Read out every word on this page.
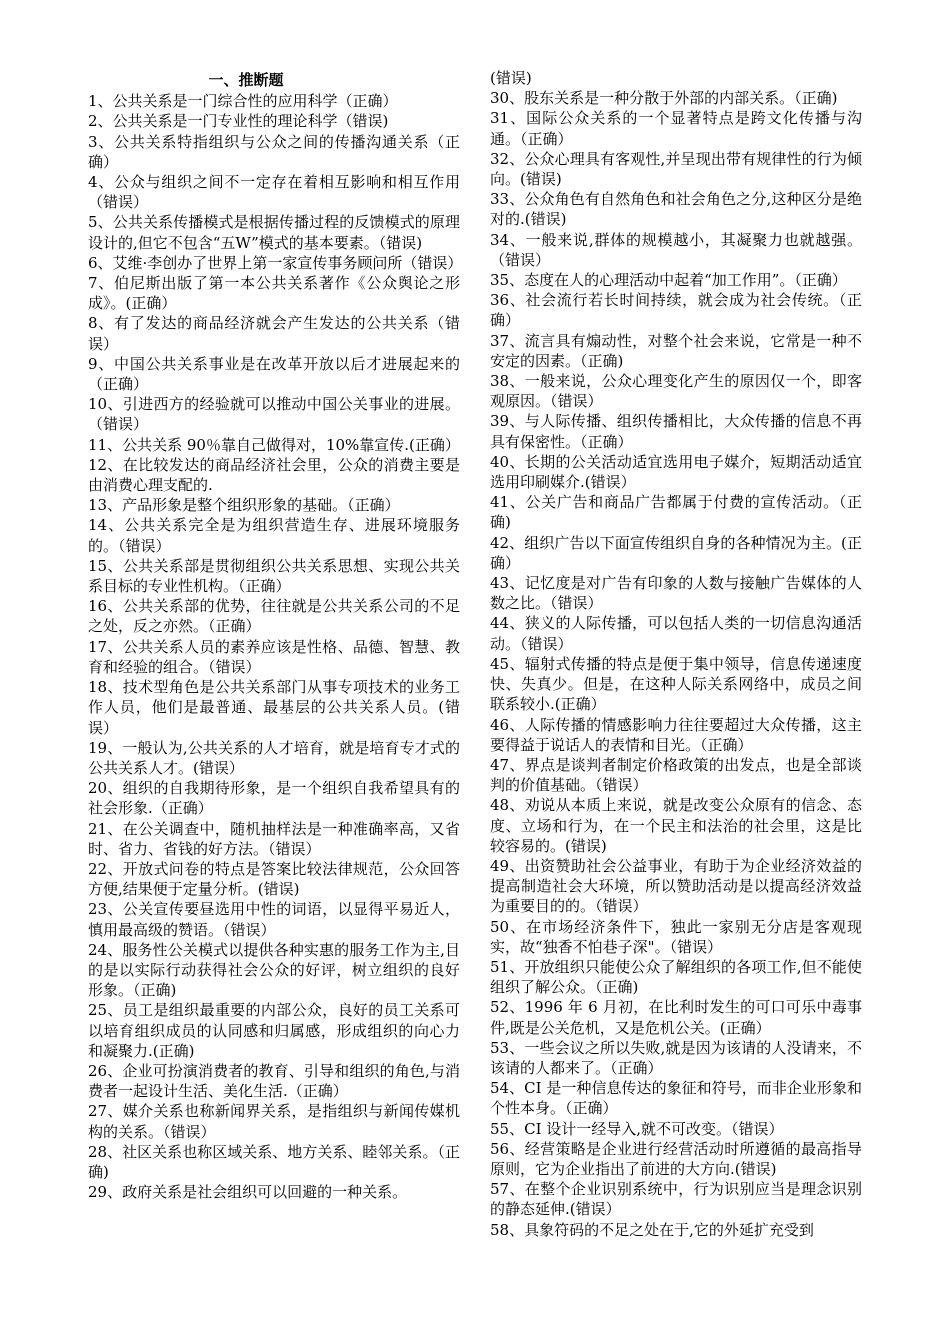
一、推断题

1、公共关系是一门综合性的应用科学（正确）

2、公共关系是一门专业性的理论科学（错误)

3、公共关系特指组织与公众之间的传播沟通关系（正确）

4、公众与组织之间不一定存在着相互影响和相互作用（错误）

5、公共关系传播模式是根据传播过程的反馈模式的原理设计的,但它不包含“五W”模式的基本要素。（错误)

6、艾维·李创办了世界上第一家宣传事务顾问所（错误）

7、伯尼斯出版了第一本公共关系著作《公众舆论之形成》。(正确）

8、有了发达的商品经济就会产生发达的公共关系（错误）

9、中国公共关系事业是在改革开放以后才进展起来的（正确）

10、引进西方的经验就可以推动中国公关事业的进展。（错误）

11、公共关系 90％靠自己做得对，10%靠宣传.(正确）

12、在比较发达的商品经济社会里，公众的消费主要是由消费心理支配的.

13、产品形象是整个组织形象的基础。（正确）

14、公共关系完全是为组织营造生存、进展环境服务的。（错误）

15、公共关系部是贯彻组织公共关系思想、实现公共关系目标的专业性机构。（正确）

16、公共关系部的优势，往往就是公共关系公司的不足之处，反之亦然。（正确）

17、公共关系人员的素养应该是性格、品德、智慧、教育和经验的组合。（错误）

18、技术型角色是公共关系部门从事专项技术的业务工作人员，他们是最普通、最基层的公共关系人员。(错误）

19、一般认为,公共关系的人才培育，就是培育专才式的公共关系人才。(错误）

20、组织的自我期待形象，是一个组织自我希望具有的社会形象.（正确）

21、在公关调查中，随机抽样法是一种准确率高，又省时、省力、省钱的好方法。（错误）

22、开放式问卷的特点是答案比较法律规范，公众回答方便,结果便于定量分析。(错误)

23、公关宣传要昼选用中性的词语，以显得平易近人，慎用最高级的赞语。（错误）

24、服务性公关模式以提供各种实惠的服务工作为主,目的是以实际行动获得社会公众的好评，树立组织的良好形象。（正确)

25、员工是组织最重要的内部公众，良好的员工关系可以培育组织成员的认同感和归属感，形成组织的向心力和凝聚力.(正确)

26、企业可扮演消费者的教育、引导和组织的角色,与消费者一起设计生活、美化生活.（正确）

27、媒介关系也称新闻界关系，是指组织与新闻传媒机构的关系。（错误）

28、社区关系也称区域关系、地方关系、睦邻关系。（正确)

29、政府关系是社会组织可以回避的一种关系。

(错误)

30、股东关系是一种分散于外部的内部关系。（正确)

31、国际公众关系的一个显著特点是跨文化传播与沟通。（正确）

32、公众心理具有客观性,并呈现出带有规律性的行为倾向。(错误)

33、公众角色有自然角色和社会角色之分,这种区分是绝对的.(错误)

34、一般来说,群体的规模越小，其凝聚力也就越强。（错误）

35、态度在人的心理活动中起着“加工作用”。（正确）

36、社会流行若长时间持续，就会成为社会传统。（正确）

37、流言具有煽动性，对整个社会来说，它常是一种不安定的因素。（正确)

38、一般来说，公众心理变化产生的原因仅一个，即客观原因。（错误）

39、与人际传播、组织传播相比，大众传播的信息不再具有保密性。（正确）

40、长期的公关活动适宜选用电子媒介，短期活动适宜选用印刷媒介.(错误）

41、公关广告和商品广告都属于付费的宣传活动。（正确)

42、组织广告以下面宣传组织自身的各种情况为主。(正确）

43、记忆度是对广告有印象的人数与接触广告媒体的人数之比。（错误）

44、狭义的人际传播，可以包括人类的一切信息沟通活动。（错误）

45、辐射式传播的特点是便于集中领导，信息传递速度快、失真少。但是，在这种人际关系网络中，成员之间联系较小.(正确）

46、人际传播的情感影响力往往要超过大众传播，这主要得益于说话人的表情和目光。（正确）

47、界点是谈判者制定价格政策的出发点，也是全部谈判的价值基础。（错误）

48、劝说从本质上来说，就是改变公众原有的信念、态度、立场和行为，在一个民主和法治的社会里，这是比较容易的。(错误)

49、出资赞助社会公益事业，有助于为企业经济效益的提高制造社会大环境，所以赞助活动是以提高经济效益为重要目的的。（错误）

50、在市场经济条件下，独此一家别无分店是客观现实，故“独香不怕巷子深"。（错误）

51、开放组织只能使公众了解组织的各项工作,但不能使组织了解公众。（正确)

52、1996 年 6 月初，在比利时发生的可口可乐中毒事件,既是公关危机，又是危机公关。(正确）

53、一些会议之所以失败,就是因为该请的人没请来，不该请的人都来了。（正确）

54、CI 是一种信息传达的象征和符号，而非企业形象和个性本身。（正确）

55、CI 设计一经导入,就不可改变。（错误）

56、经营策略是企业进行经营活动时所遵循的最高指导原则，它为企业指出了前进的大方向.(错误)

57、在整个企业识别系统中，行为识别应当是理念识别的静态延伸.(错误）

58、具象符码的不足之处在于,它的外延扩充受到
